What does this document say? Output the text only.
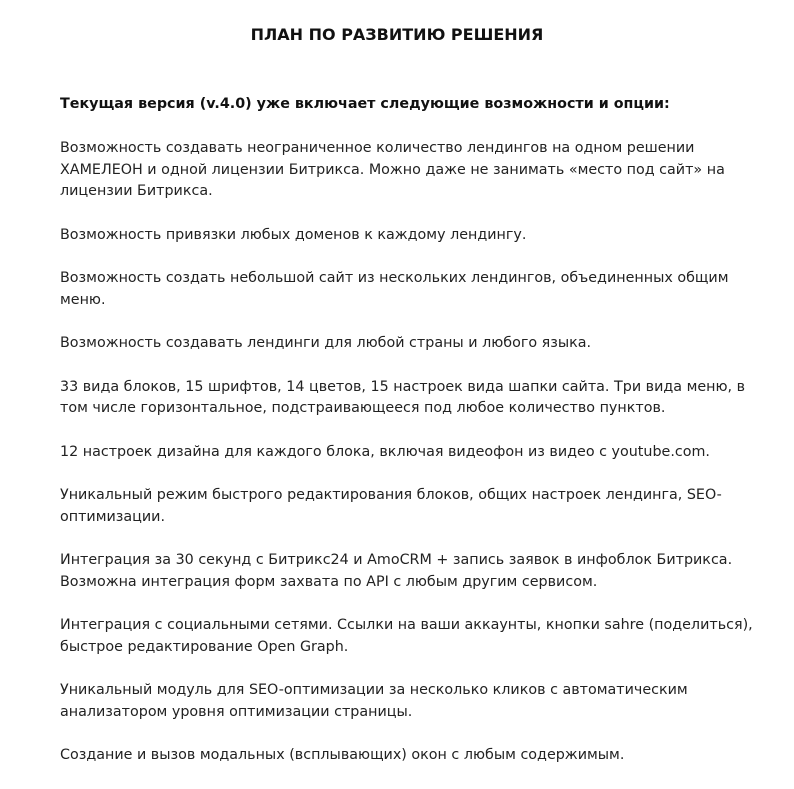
ПЛАН ПО РАЗВИТИЮ РЕШЕНИЯ

Текущая версия (v.4.0) уже включает следующие возможности и опции:

Возможность создавать неограниченное количество лендингов на одном решении ХАМЕЛЕОН и одной лицензии Битрикса. Можно даже не занимать «место под сайт» на лицензии Битрикса.
Возможность привязки любых доменов к каждому лендингу.
Возможность создать небольшой сайт из нескольких лендингов, объединенных общим меню.
Возможность создавать лендинги для любой страны и любого языка.
33 вида блоков, 15 шрифтов, 14 цветов, 15 настроек вида шапки сайта. Три вида меню, в том числе горизонтальное, подстраивающееся под любое количество пунктов.
12 настроек дизайна для каждого блока, включая видеофон из видео с youtube.com.
Уникальный режим быстрого редактирования блоков, общих настроек лендинга, SEO-оптимизации.
Интеграция за 30 секунд с Битрикс24 и AmoCRM + запись заявок в инфоблок Битрикса. Возможна интеграция форм захвата по API с любым другим сервисом.
Интеграция с социальными сетями. Ссылки на ваши аккаунты, кнопки sahre (поделиться), быстрое редактирование Open Graph.
Уникальный модуль для SEO-оптимизации за несколько кликов с автоматическим анализатором уровня оптимизации страницы.
Создание и вызов модальных (всплывающих) окон с любым содержимым.
